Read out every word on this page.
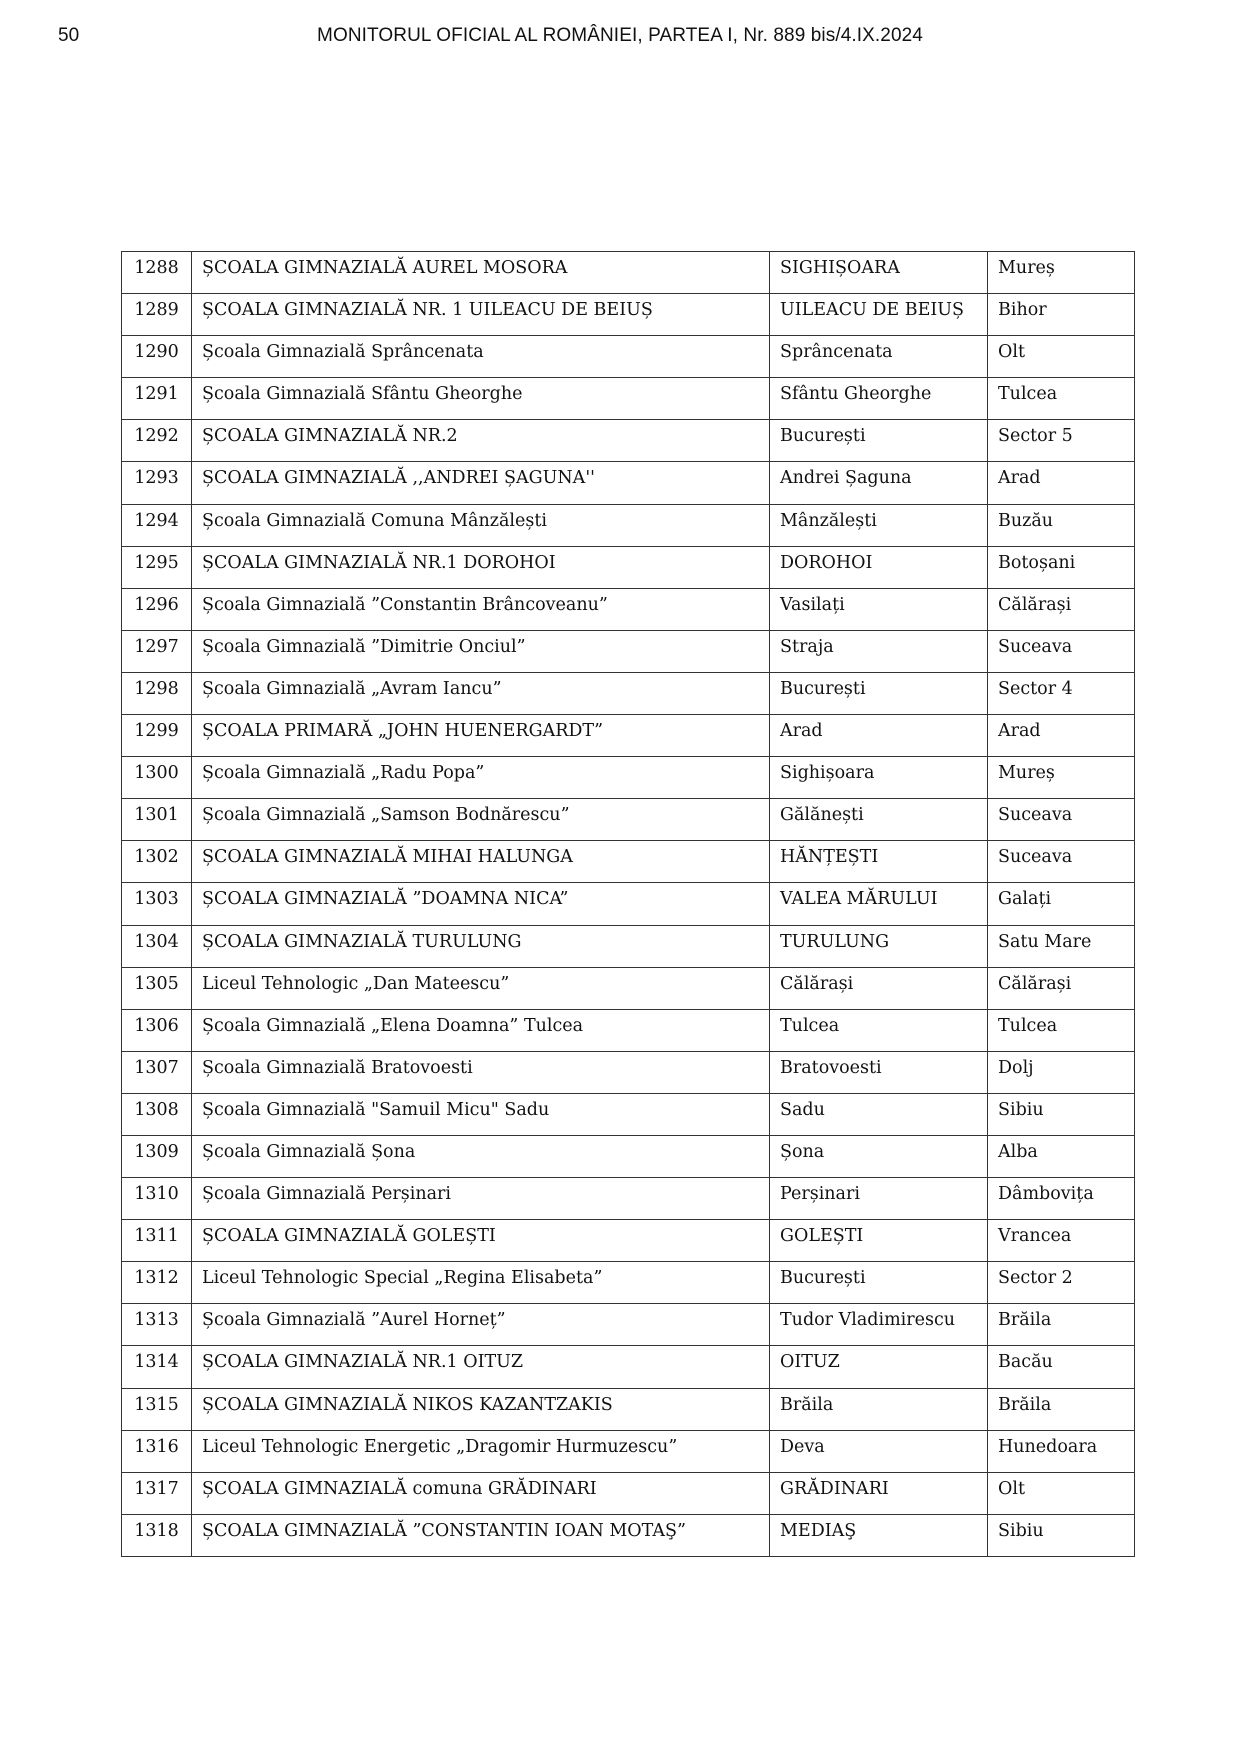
50	MONITORUL OFICIAL AL ROMÂNIEI, PARTEA I, Nr. 889 bis/4.IX.2024
1288	ȘCOALA GIMNAZIALĂ AUREL MOSORA	SIGHIȘOARA	Mureș
1289	ȘCOALA GIMNAZIALĂ NR. 1 UILEACU DE BEIUȘ	UILEACU DE BEIUȘ	Bihor
1290	Școala Gimnazială Sprâncenata	Sprâncenata	Olt
1291	Școala Gimnazială Sfântu Gheorghe	Sfântu Gheorghe	Tulcea
1292	ȘCOALA GIMNAZIALĂ NR.2	București	Sector 5
1293	ȘCOALA GIMNAZIALĂ ,,ANDREI ȘAGUNA''	Andrei Șaguna	Arad
1294	Școala Gimnazială Comuna Mânzălești	Mânzălești	Buzău
1295	ȘCOALA GIMNAZIALĂ NR.1 DOROHOI	DOROHOI	Botoșani
1296	Școala Gimnazială ”Constantin Brâncoveanu”	Vasilați	Călărași
1297	Școala Gimnazială ”Dimitrie Onciul”	Straja	Suceava
1298	Școala Gimnazială „Avram Iancu”	București	Sector 4
1299	ȘCOALA PRIMARĂ „JOHN HUENERGARDT”	Arad	Arad
1300	Școala Gimnazială „Radu Popa”	Sighișoara	Mureș
1301	Școala Gimnazială „Samson Bodnărescu”	Gălănești	Suceava
1302	ȘCOALA GIMNAZIALĂ MIHAI HALUNGA	HĂNȚEȘTI	Suceava
1303	ȘCOALA GIMNAZIALĂ ”DOAMNA NICA”	VALEA MĂRULUI	Galați
1304	ȘCOALA GIMNAZIALĂ TURULUNG	TURULUNG	Satu Mare
1305	Liceul Tehnologic „Dan Mateescu”	Călărași	Călărași
1306	Școala Gimnazială „Elena Doamna” Tulcea	Tulcea	Tulcea
1307	Școala Gimnazială Bratovoesti	Bratovoesti	Dolj
1308	Școala Gimnazială "Samuil Micu" Sadu	Sadu	Sibiu
1309	Școala Gimnazială Șona	Șona	Alba
1310	Școala Gimnazială Perșinari	Perșinari	Dâmbovița
1311	ȘCOALA GIMNAZIALĂ GOLEȘTI	GOLEȘTI	Vrancea
1312	Liceul Tehnologic Special „Regina Elisabeta”	București	Sector 2
1313	Școala Gimnazială ”Aurel Horneț”	Tudor Vladimirescu	Brăila
1314	ȘCOALA GIMNAZIALĂ NR.1 OITUZ	OITUZ	Bacău
1315	ȘCOALA GIMNAZIALĂ NIKOS KAZANTZAKIS	Brăila	Brăila
1316	Liceul Tehnologic Energetic „Dragomir Hurmuzescu”	Deva	Hunedoara
1317	ȘCOALA GIMNAZIALĂ comuna GRĂDINARI	GRĂDINARI	Olt
1318	ȘCOALA GIMNAZIALĂ ”CONSTANTIN IOAN MOTAŞ”	MEDIAŞ	Sibiu
